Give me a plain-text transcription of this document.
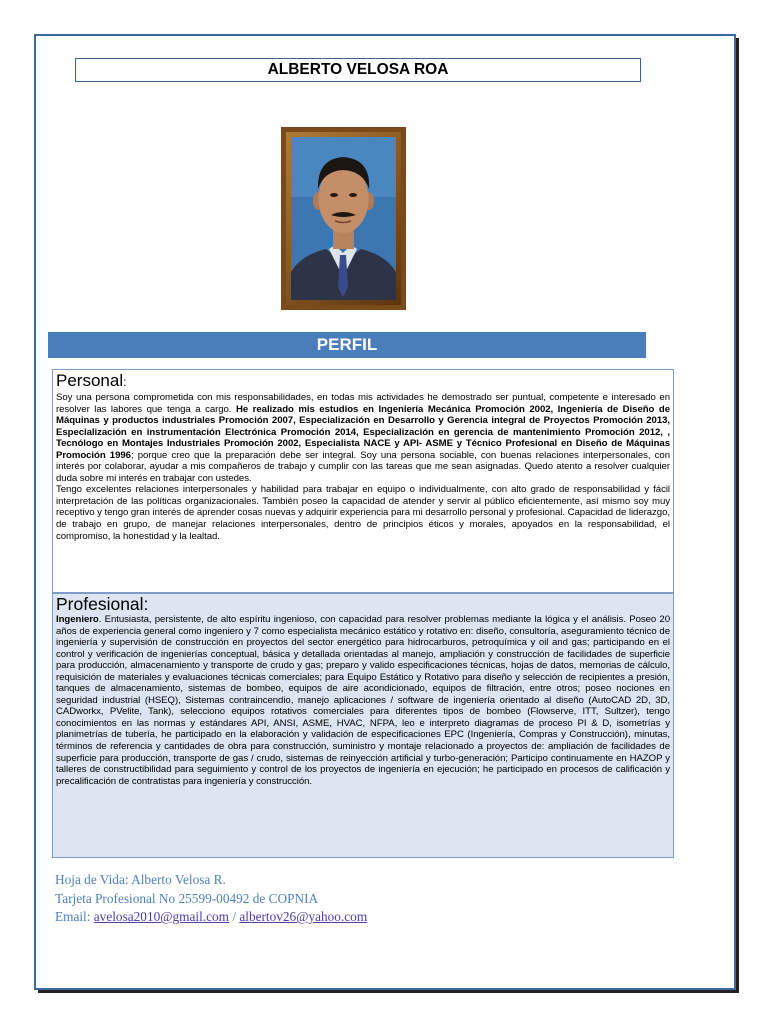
ALBERTO VELOSA ROA
PERFIL
Personal:

Soy una persona comprometida con mis responsabilidades, en todas mis actividades he demostrado ser puntual, competente e interesado en resolver las labores que tenga a cargo. He realizado mis estudios en Ingeniería Mecánica Promoción 2002, Ingeniería de Diseño de Máquinas y productos industriales Promoción 2007, Especialización en Desarrollo y Gerencia integral de Proyectos Promoción 2013, Especialización en instrumentación Electrónica Promoción 2014, Especialización en gerencia de mantenimiento Promoción 2012, , Tecnólogo en Montajes Industriales Promoción 2002, Especialista NACE y API- ASME y Técnico Profesional en Diseño de Máquinas Promoción 1996; porque creo que la preparación debe ser integral. Soy una persona sociable, con buenas relaciones interpersonales, con interés por colaborar, ayudar a mis compañeros de trabajo y cumplir con las tareas que me sean asignadas. Quedo atento a resolver cualquier duda sobre mi interés en trabajar con ustedes.

Tengo excelentes relaciones interpersonales y habilidad para trabajar en equipo o individualmente, con alto grado de responsabilidad y fácil interpretación de las políticas organizacionales. También poseo la capacidad de atender y servir al público eficientemente, así mismo soy muy receptivo y tengo gran interés de aprender cosas nuevas y adquirir experiencia para mi desarrollo personal y profesional. Capacidad de liderazgo, de trabajo en grupo, de manejar relaciones interpersonales, dentro de principios éticos y morales, apoyados en la responsabilidad, el compromiso, la honestidad y la lealtad.

Profesional:

Ingeniero. Entusiasta, persistente, de alto espíritu ingenioso, con capacidad para resolver problemas mediante la lógica y el análisis. Poseo 20 años de experiencia general como ingeniero y 7 como especialista mecánico estático y rotativo en: diseño, consultoría, aseguramiento técnico de ingeniería y supervisión de construcción en proyectos del sector energético para hidrocarburos, petroquímica y oil and gas; participando en el control y verificación de ingenierías conceptual, básica y detallada orientadas al manejo, ampliación y construcción de facilidades de superficie para producción, almacenamiento y transporte de crudo y gas; preparo y valido especificaciones técnicas, hojas de datos, memorias de cálculo, requisición de materiales y evaluaciones técnicas comerciales; para Equipo Estático y Rotativo para diseño y selección de recipientes a presión, tanques de almacenamiento, sistemas de bombeo, equipos de aire acondicionado, equipos de filtración, entre otros; poseo nociones en seguridad industrial (HSEQ), Sistemas contraincendio, manejo aplicaciones / software de ingeniería orientado al diseño (AutoCAD 2D, 3D, CADworkx, PVelite, Tank), selecciono equipos rotativos comerciales para diferentes tipos de bombeo (Flowserve, ITT, Sultzer), tengo conocimientos en las normas y estándares API, ANSI, ASME, HVAC, NFPA, leo e interpreto diagramas de proceso PI & D, isometrías y planimetrías de tubería, he participado en la elaboración y validación de especificaciones EPC (Ingeniería, Compras y Construcción), minutas, términos de referencia y cantidades de obra para construcción, suministro y montaje relacionado a proyectos de: ampliación de facilidades de superficie para producción, transporte de gas / crudo, sistemas de reinyección artificial y turbo-generación; Participo continuamente en HAZOP y talleres de constructibilidad para seguimiento y control de los proyectos de ingeniería en ejecución; he participado en procesos de calificación y precalificación de contratistas para ingeniería y construcción.

Hoja de Vida: Alberto Velosa R.
Tarjeta Profesional No 25599-00492 de COPNIA
Email: avelosa2010@gmail.com / albertov26@yahoo.com
